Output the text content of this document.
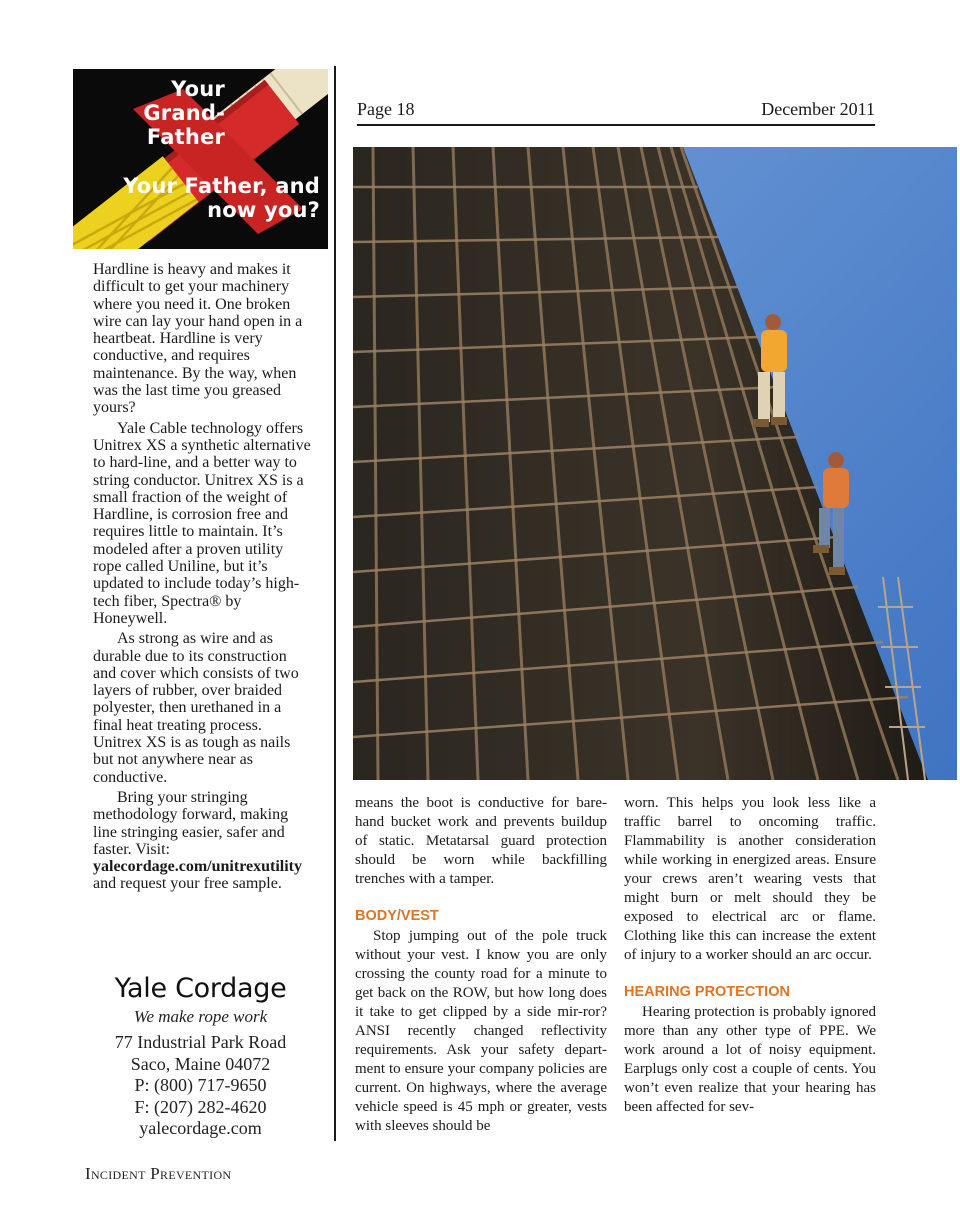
Your Grand- Father
Your Father, and now you?

Hardline is heavy and makes it difficult to get your machinery where you need it. One broken wire can lay your hand open in a heartbeat. Hardline is very conductive, and requires maintenance. By the way, when was the last time you greased yours?

Yale Cable technology offers Unitrex XS a synthetic alternative to hard-line, and a better way to string conductor. Unitrex XS is a small fraction of the weight of Hardline, is corrosion free and requires little to maintain. It’s modeled after a proven utility rope called Uniline, but it’s updated to include today’s high-tech fiber, Spectra® by Honeywell.

As strong as wire and as durable due to its construction and cover which consists of two layers of rubber, over braided polyester, then urethaned in a final heat treating process. Unitrex XS is as tough as nails but not anywhere near as conductive.

Bring your stringing methodology forward, making line stringing easier, safer and faster. Visit: yalecordage.com/unitrexutility and request your free sample.

Yale Cordage
We make rope work
77 Industrial Park Road
Saco, Maine 04072
P: (800) 717-9650
F: (207) 282-4620
yalecordage.com
Incident Prevention
Page 18	December 2011

means the boot is conductive for bare-hand bucket work and prevents buildup of static. Metatarsal guard protection should be worn while backfilling trenches with a tamper.

BODY/VEST

Stop jumping out of the pole truck without your vest. I know you are only crossing the county road for a minute to get back on the ROW, but how long does it take to get clipped by a side mir-ror? ANSI recently changed reflectivity requirements. Ask your safety depart-ment to ensure your company policies are current. On highways, where the average vehicle speed is 45 mph or greater, vests with sleeves should be

worn. This helps you look less like a traffic barrel to oncoming traffic. Flammability is another consideration while working in energized areas. Ensure your crews aren’t wearing vests that might burn or melt should they be exposed to electrical arc or flame. Clothing like this can increase the extent of injury to a worker should an arc occur.

HEARING PROTECTION

Hearing protection is probably ignored more than any other type of PPE. We work around a lot of noisy equipment. Earplugs only cost a couple of cents. You won’t even realize that your hearing has been affected for sev-
